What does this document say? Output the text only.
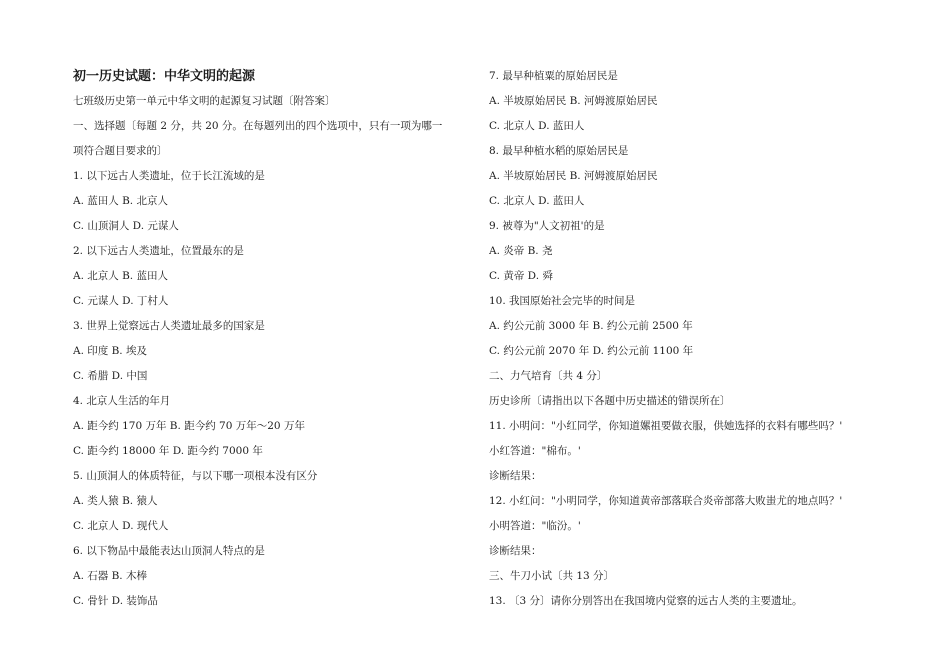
初一历史试题：中华文明的起源
七班级历史第一单元中华文明的起源复习试题〔附答案〕
一、选择题〔每题 2 分，共 20 分。在每题列出的四个选项中，只有一项为哪一
项符合题目要求的〕
1. 以下远古人类遗址，位于长江流域的是
A. 蓝田人 B. 北京人
C. 山顶洞人 D. 元谋人
2. 以下远古人类遗址，位置最东的是
A. 北京人 B. 蓝田人
C. 元谋人 D. 丁村人
3. 世界上觉察远古人类遗址最多的国家是
A. 印度 B. 埃及
C. 希腊 D. 中国
4. 北京人生活的年月
A. 距今约 170 万年 B. 距今约 70 万年～20 万年
C. 距今约 18000 年 D. 距今约 7000 年
5. 山顶洞人的体质特征，与以下哪一项根本没有区分
A. 类人猿 B. 猿人
C. 北京人 D. 现代人
6. 以下物品中最能表达山顶洞人特点的是
A. 石器 B. 木棒
C. 骨针 D. 装饰品
7. 最早种植粟的原始居民是
A. 半坡原始居民 B. 河姆渡原始居民
C. 北京人 D. 蓝田人
8. 最早种植水稻的原始居民是
A. 半坡原始居民 B. 河姆渡原始居民
C. 北京人 D. 蓝田人
9. 被尊为"人文初祖'的是
A. 炎帝 B. 尧
C. 黄帝 D. 舜
10. 我国原始社会完毕的时间是
A. 约公元前 3000 年 B. 约公元前 2500 年
C. 约公元前 2070 年 D. 约公元前 1100 年
二、力气培育〔共 4 分〕
历史诊所〔请指出以下各题中历史描述的错误所在〕
11. 小明问："小红同学，你知道嫘祖要做衣服，供她选择的衣料有哪些吗？'
小红答道："棉布。'
诊断结果：
12. 小红问："小明同学，你知道黄帝部落联合炎帝部落大败蚩尤的地点吗？'
小明答道："临汾。'
诊断结果：
三、牛刀小试〔共 13 分〕
13. 〔3 分〕请你分别答出在我国境内觉察的远古人类的主要遗址。
